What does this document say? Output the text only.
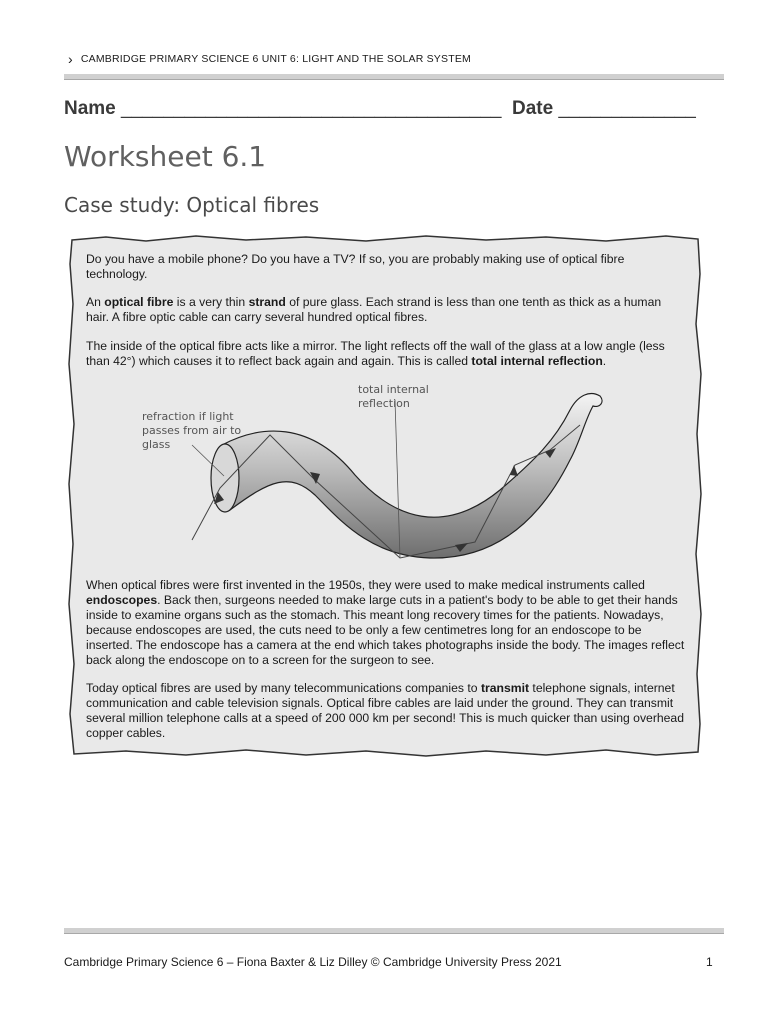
› CAMBRIDGE PRIMARY SCIENCE 6 UNIT 6: LIGHT AND THE SOLAR SYSTEM
Name ____________________________________ Date _____________
Worksheet 6.1
Case study: Optical fibres
Do you have a mobile phone? Do you have a TV? If so, you are probably making use of optical fibre technology.
An optical fibre is a very thin strand of pure glass. Each strand is less than one tenth as thick as a human hair. A fibre optic cable can carry several hundred optical fibres.
The inside of the optical fibre acts like a mirror. The light reflects off the wall of the glass at a low angle (less than 42°) which causes it to reflect back again and again. This is called total internal reflection.
total internal reflection
refraction if light passes from air to glass
When optical fibres were first invented in the 1950s, they were used to make medical instruments called endoscopes. Back then, surgeons needed to make large cuts in a patient's body to be able to get their hands inside to examine organs such as the stomach. This meant long recovery times for the patients. Nowadays, because endoscopes are used, the cuts need to be only a few centimetres long for an endoscope to be inserted. The endoscope has a camera at the end which takes photographs inside the body. The images reflect back along the endoscope on to a screen for the surgeon to see.
Today optical fibres are used by many telecommunications companies to transmit telephone signals, internet communication and cable television signals. Optical fibre cables are laid under the ground. They can transmit several million telephone calls at a speed of 200 000 km per second! This is much quicker than using overhead copper cables.
Cambridge Primary Science 6 – Fiona Baxter & Liz Dilley © Cambridge University Press 2021	1
